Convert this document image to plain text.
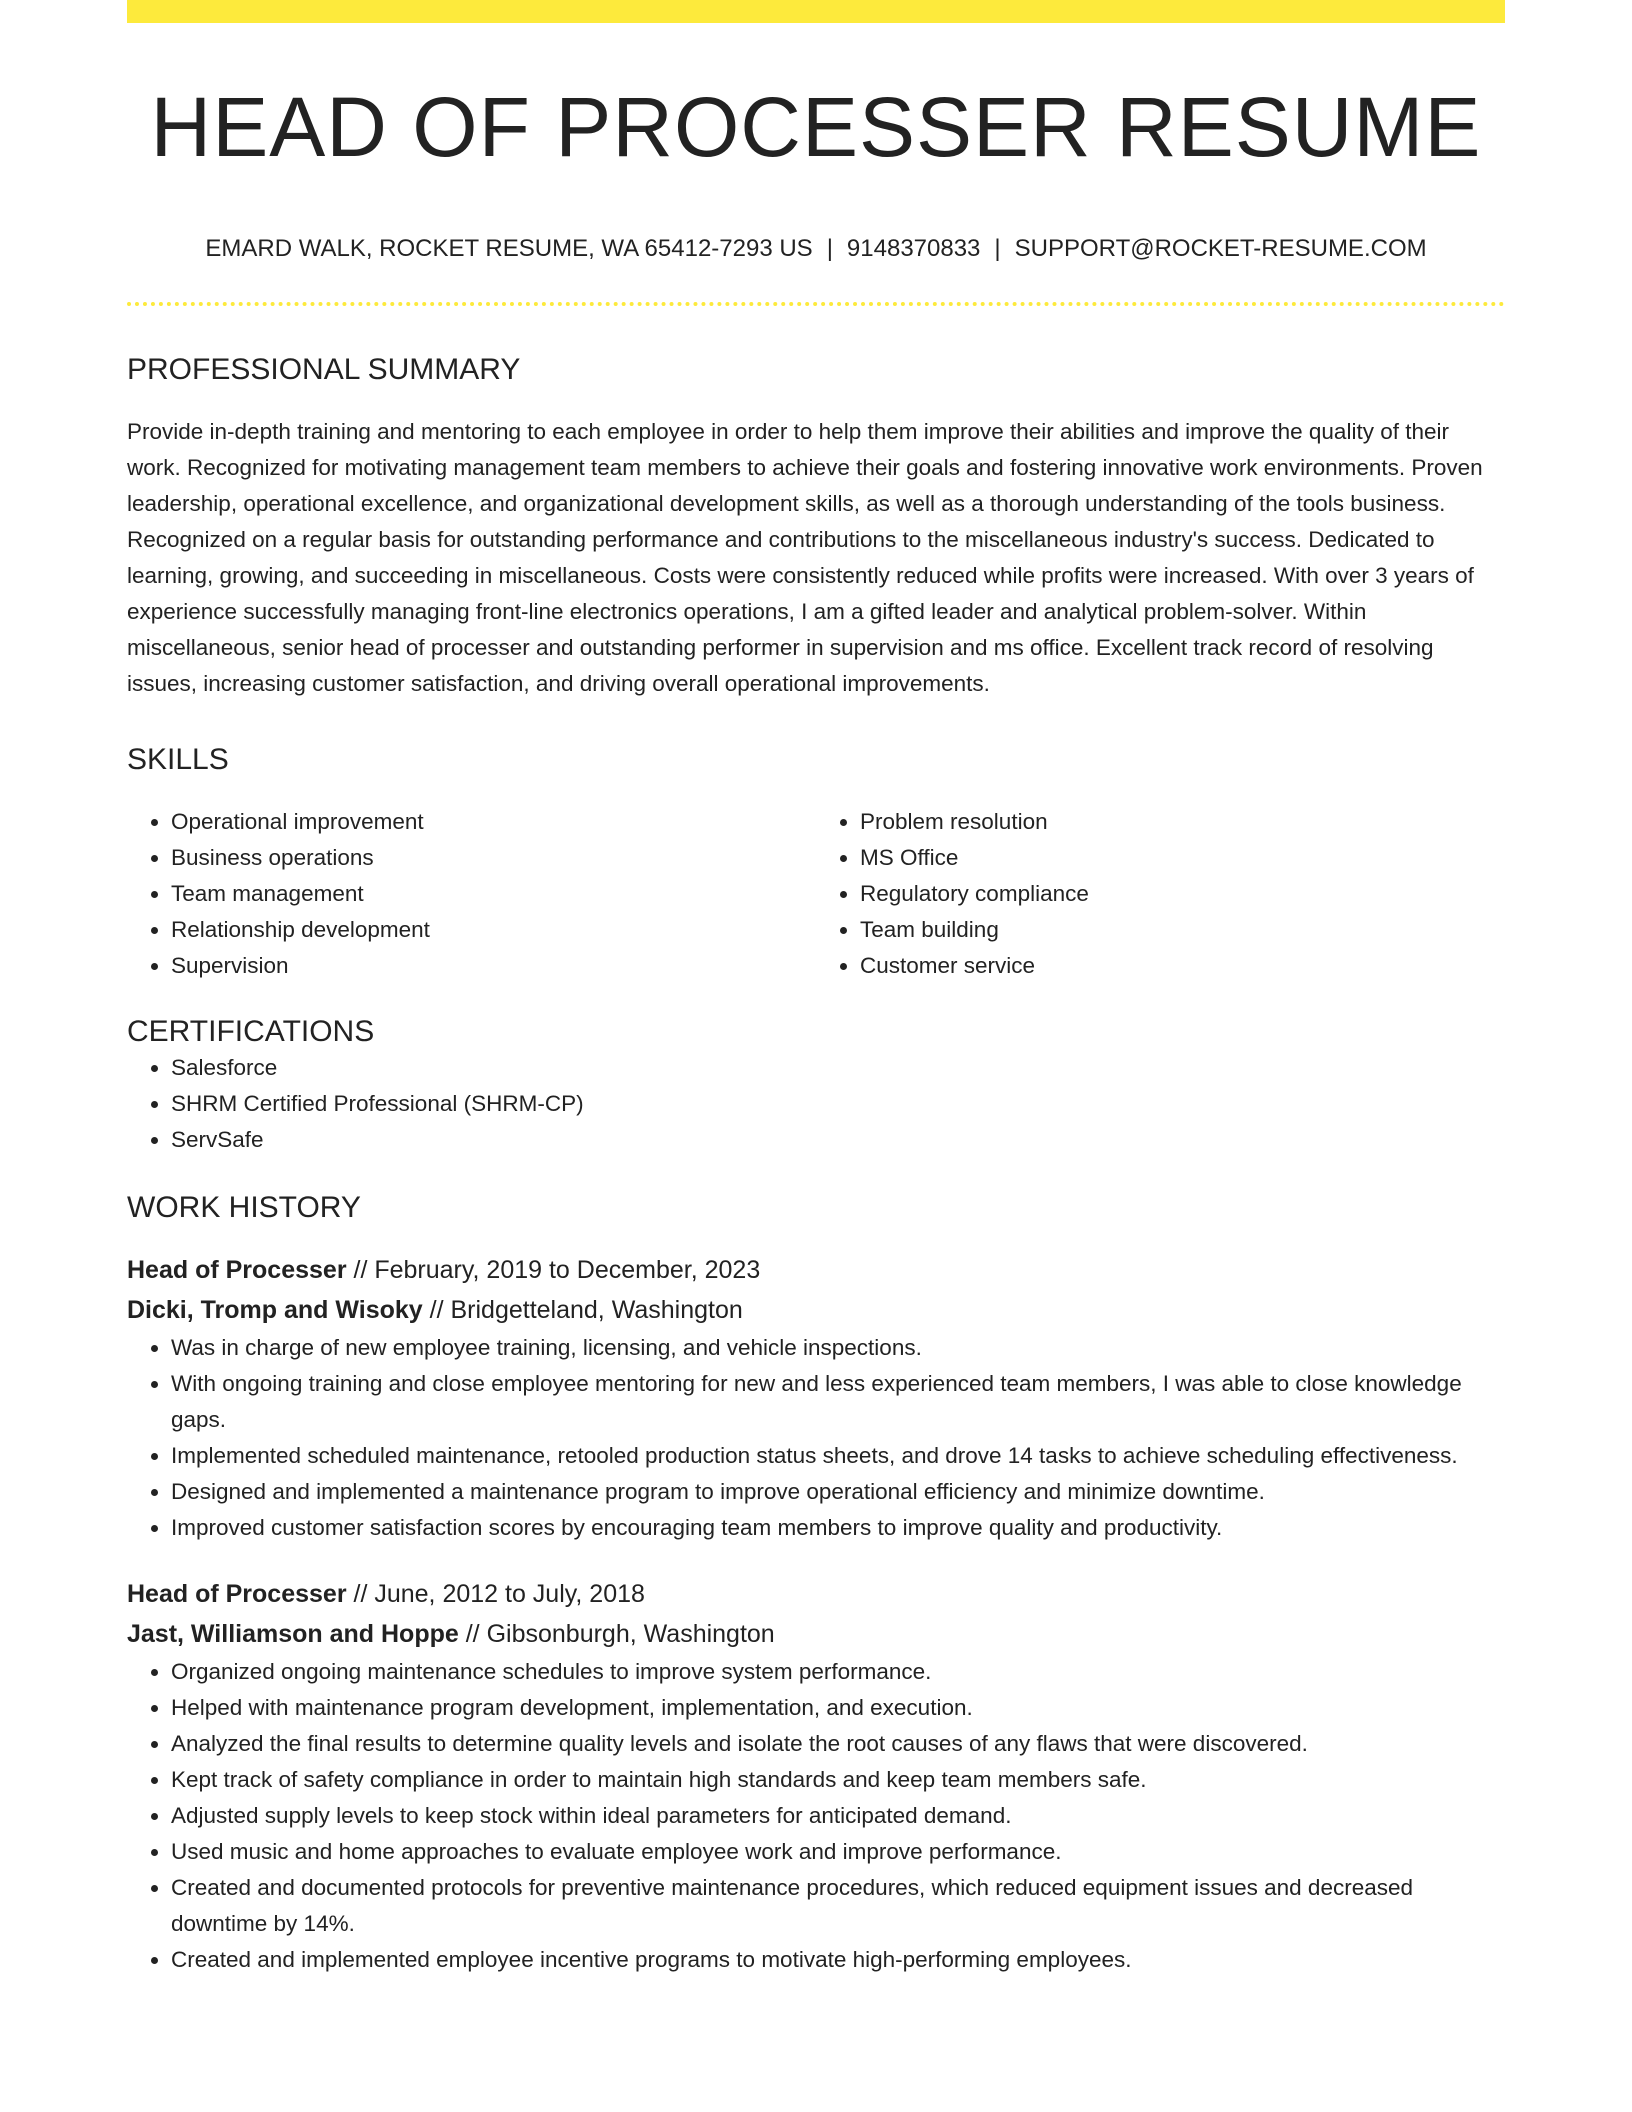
HEAD OF PROCESSER RESUME
EMARD WALK, ROCKET RESUME, WA 65412-7293 US | 9148370833 | SUPPORT@ROCKET-RESUME.COM
PROFESSIONAL SUMMARY

Provide in-depth training and mentoring to each employee in order to help them improve their abilities and improve the quality of their work. Recognized for motivating management team members to achieve their goals and fostering innovative work environments. Proven leadership, operational excellence, and organizational development skills, as well as a thorough understanding of the tools business. Recognized on a regular basis for outstanding performance and contributions to the miscellaneous industry's success. Dedicated to learning, growing, and succeeding in miscellaneous. Costs were consistently reduced while profits were increased. With over 3 years of experience successfully managing front-line electronics operations, I am a gifted leader and analytical problem-solver. Within miscellaneous, senior head of processer and outstanding performer in supervision and ms office. Excellent track record of resolving issues, increasing customer satisfaction, and driving overall operational improvements.

SKILLS
• Operational improvement
• Business operations
• Team management
• Relationship development
• Supervision
• Problem resolution
• MS Office
• Regulatory compliance
• Team building
• Customer service
CERTIFICATIONS
• Salesforce
• SHRM Certified Professional (SHRM-CP)
• ServSafe
WORK HISTORY
Head of Processer // February, 2019 to December, 2023
Dicki, Tromp and Wisoky // Bridgetteland, Washington
• Was in charge of new employee training, licensing, and vehicle inspections.
• With ongoing training and close employee mentoring for new and less experienced team members, I was able to close knowledge gaps.
• Implemented scheduled maintenance, retooled production status sheets, and drove 14 tasks to achieve scheduling effectiveness.
• Designed and implemented a maintenance program to improve operational efficiency and minimize downtime.
• Improved customer satisfaction scores by encouraging team members to improve quality and productivity.
Head of Processer // June, 2012 to July, 2018
Jast, Williamson and Hoppe // Gibsonburgh, Washington
• Organized ongoing maintenance schedules to improve system performance.
• Helped with maintenance program development, implementation, and execution.
• Analyzed the final results to determine quality levels and isolate the root causes of any flaws that were discovered.
• Kept track of safety compliance in order to maintain high standards and keep team members safe.
• Adjusted supply levels to keep stock within ideal parameters for anticipated demand.
• Used music and home approaches to evaluate employee work and improve performance.
• Created and documented protocols for preventive maintenance procedures, which reduced equipment issues and decreased downtime by 14%.
• Created and implemented employee incentive programs to motivate high-performing employees.
